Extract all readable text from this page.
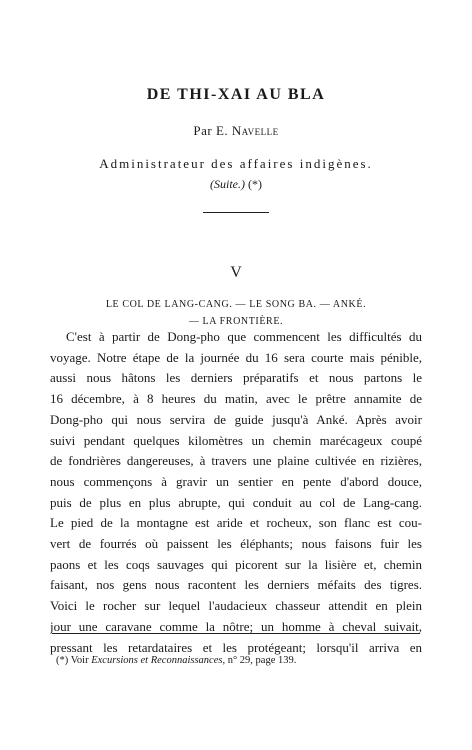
DE THI-XAI AU BLA
Par E. Navelle
Administrateur des affaires indigènes.
(Suite.) (*)
V
LE COL DE LANG-CANG. — LE SONG BA. — ANKÉ.
— LA FRONTIÈRE.
C'est à partir de Dong-pho que commencent les difficultés du
voyage. Notre étape de la journée du 16 sera courte mais pénible,
aussi nous hâtons les derniers préparatifs et nous partons le
16 décembre, à 8 heures du matin, avec le prêtre annamite de
Dong-pho qui nous servira de guide jusqu'à Anké. Après avoir
suivi pendant quelques kilomètres un chemin marécageux coupé
de fondrières dangereuses, à travers une plaine cultivée en rizières,
nous commençons à gravir un sentier en pente d'abord douce,
puis de plus en plus abrupte, qui conduit au col de Lang-cang.
Le pied de la montagne est aride et rocheux, son flanc est cou-
vert de fourrés où paissent les éléphants; nous faisons fuir les
paons et les coqs sauvages qui picorent sur la lisière et, chemin
faisant, nos gens nous racontent les derniers méfaits des tigres.
Voici le rocher sur lequel l'audacieux chasseur attendit en plein
jour une caravane comme la nôtre; un homme à cheval suivait,
pressant les retardataires et les protégeant; lorsqu'il arriva en
(*) Voir Excursions et Reconnaissances, n° 29, page 139.
